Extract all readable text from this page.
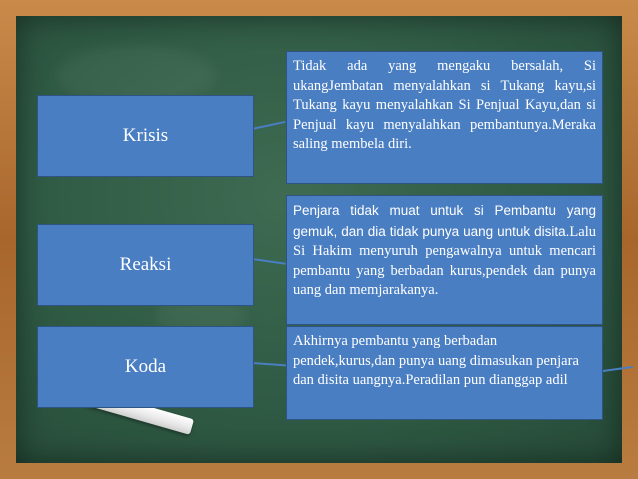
Krisis
Tidak ada yang mengaku bersalah, Si ukangJembatan menyalahkan si Tukang kayu,si Tukang kayu menyalahkan Si Penjual Kayu,dan si Penjual kayu menyalahkan pembantunya.Meraka saling membela diri.
Reaksi
Penjara tidak muat untuk si Pembantu yang gemuk, dan dia tidak punya uang untuk disita.Lalu Si Hakim menyuruh pengawalnya untuk mencari pembantu yang berbadan kurus,pendek dan punya uang dan memjarakanya.
Koda
Akhirnya pembantu yang berbadan pendek,kurus,dan punya uang dimasukan penjara dan disita uangnya.Peradilan pun dianggap adil
